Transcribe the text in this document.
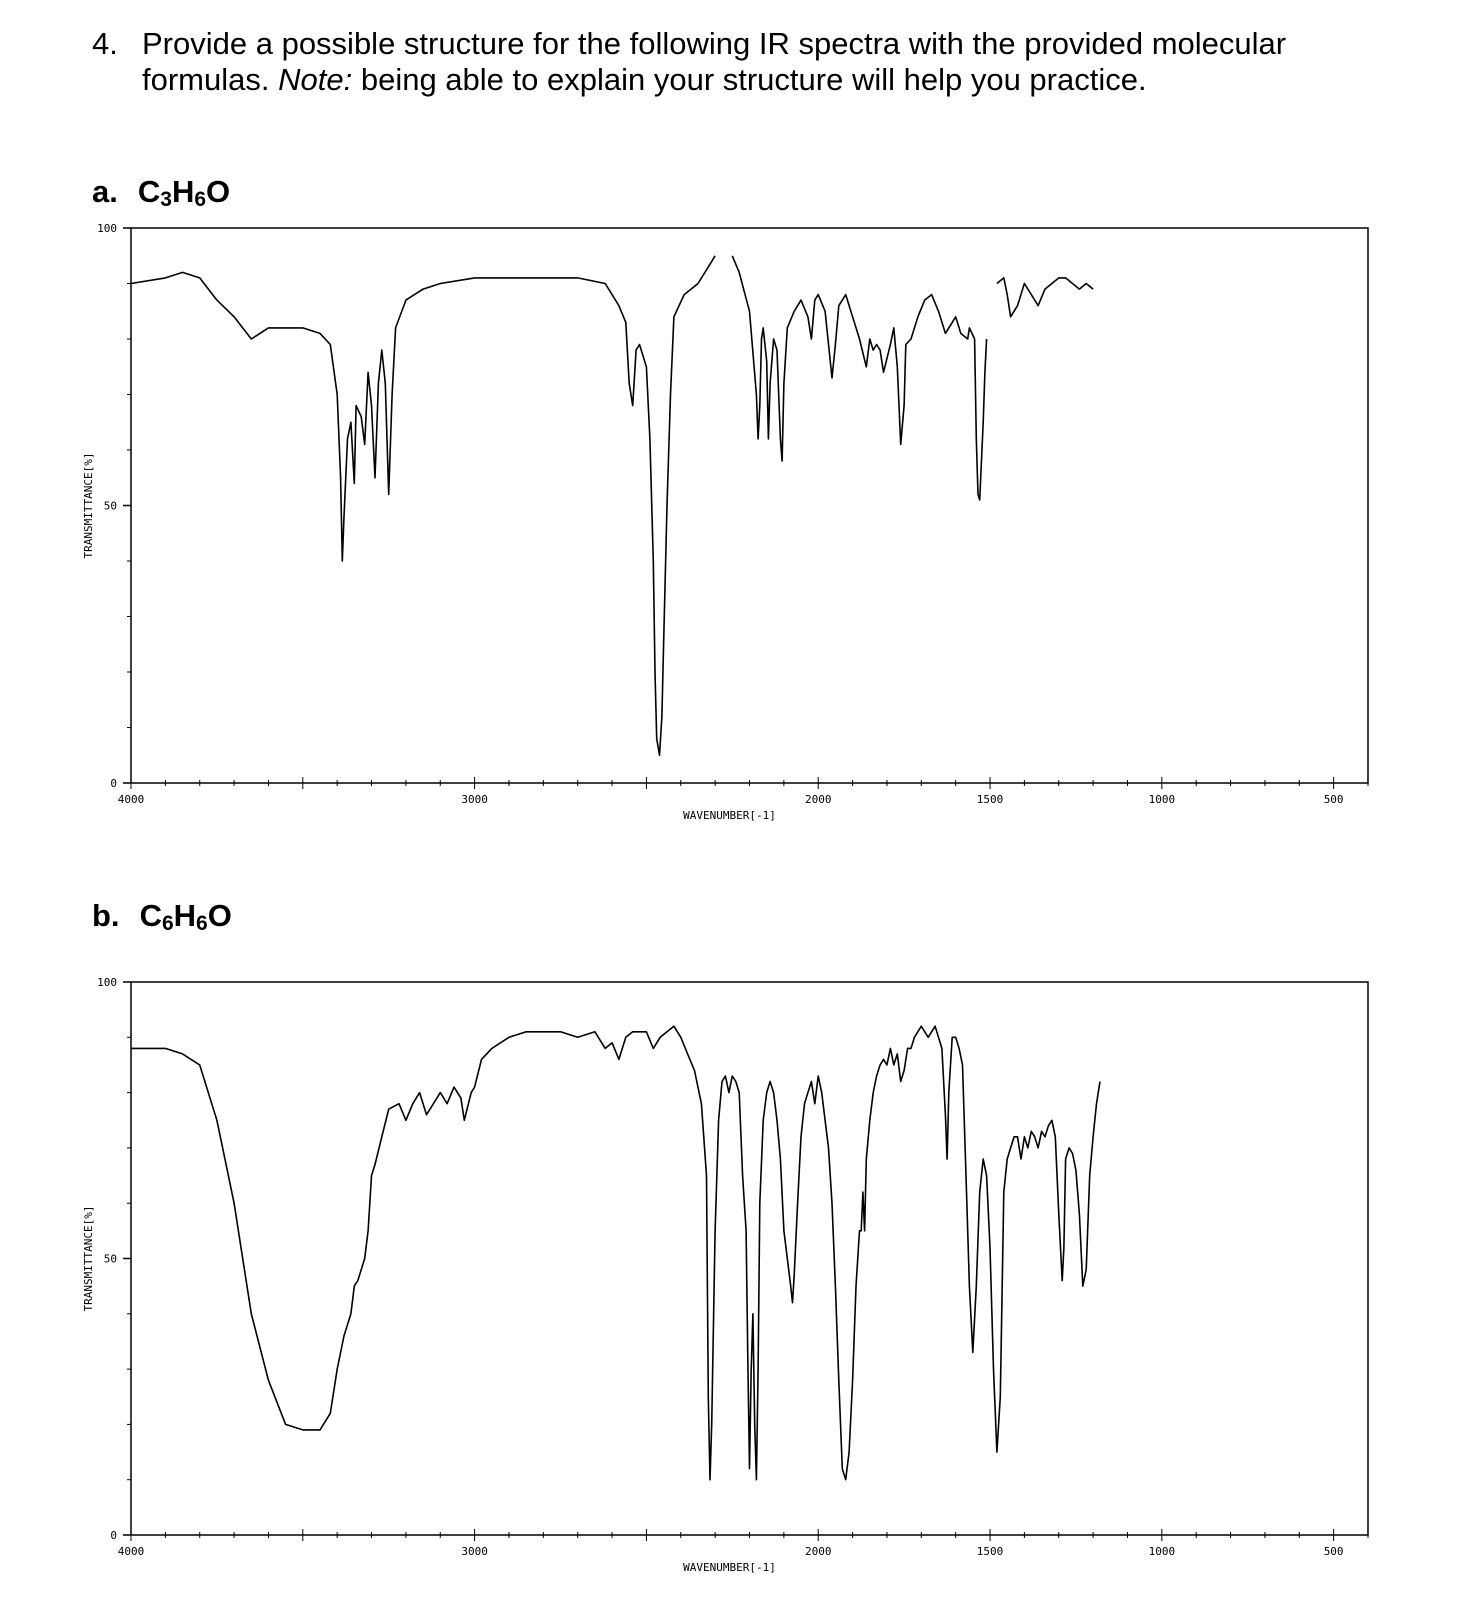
4. Provide a possible structure for the following IR spectra with the provided molecular formulas. Note: being able to explain your structure will help you practice.
a. $C_3H_6O$
0
50
100
4000	3000	2000	1500	1000	500
WAVENUMBER[-1]
TRANSMITTANCE[%]
b. $C_6H_6O$
0
50
100
4000	3000	2000	1500	1000	500
WAVENUMBER[-1]
TRANSMITTANCE[%]
